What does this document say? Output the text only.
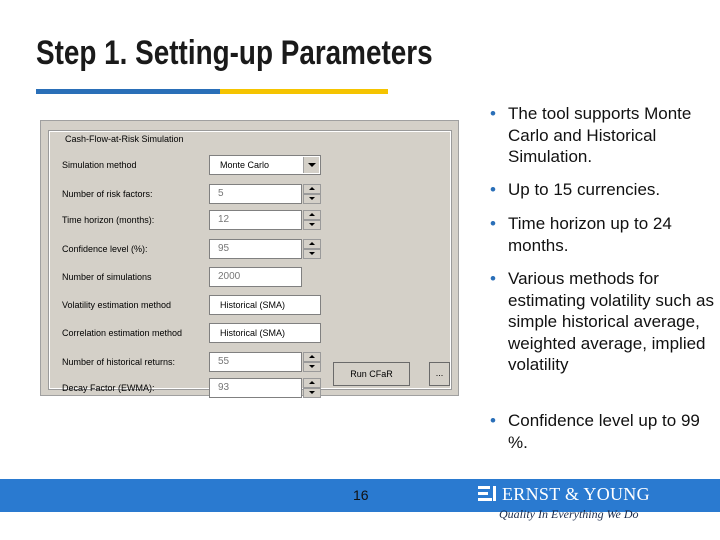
Step 1. Setting-up Parameters
Cash-Flow-at-Risk Simulation
Simulation method	Monte Carlo
Number of risk factors:	5
Time horizon (months):	12
Confidence level (%):	95
Number of simulations	2000
Volatility estimation method	Historical (SMA)
Correlation estimation method	Historical (SMA)
Number of historical returns:	55
Decay Factor (EWMA):	93
Run CFaR	...
• The tool supports Monte Carlo and Historical Simulation.
• Up to 15 currencies.
• Time horizon up to 24 months.
• Various methods for estimating volatility such as simple historical average, weighted average, implied volatility
• Confidence level up to 99 %.
16	ERNST & YOUNG
Quality In Everything We Do
